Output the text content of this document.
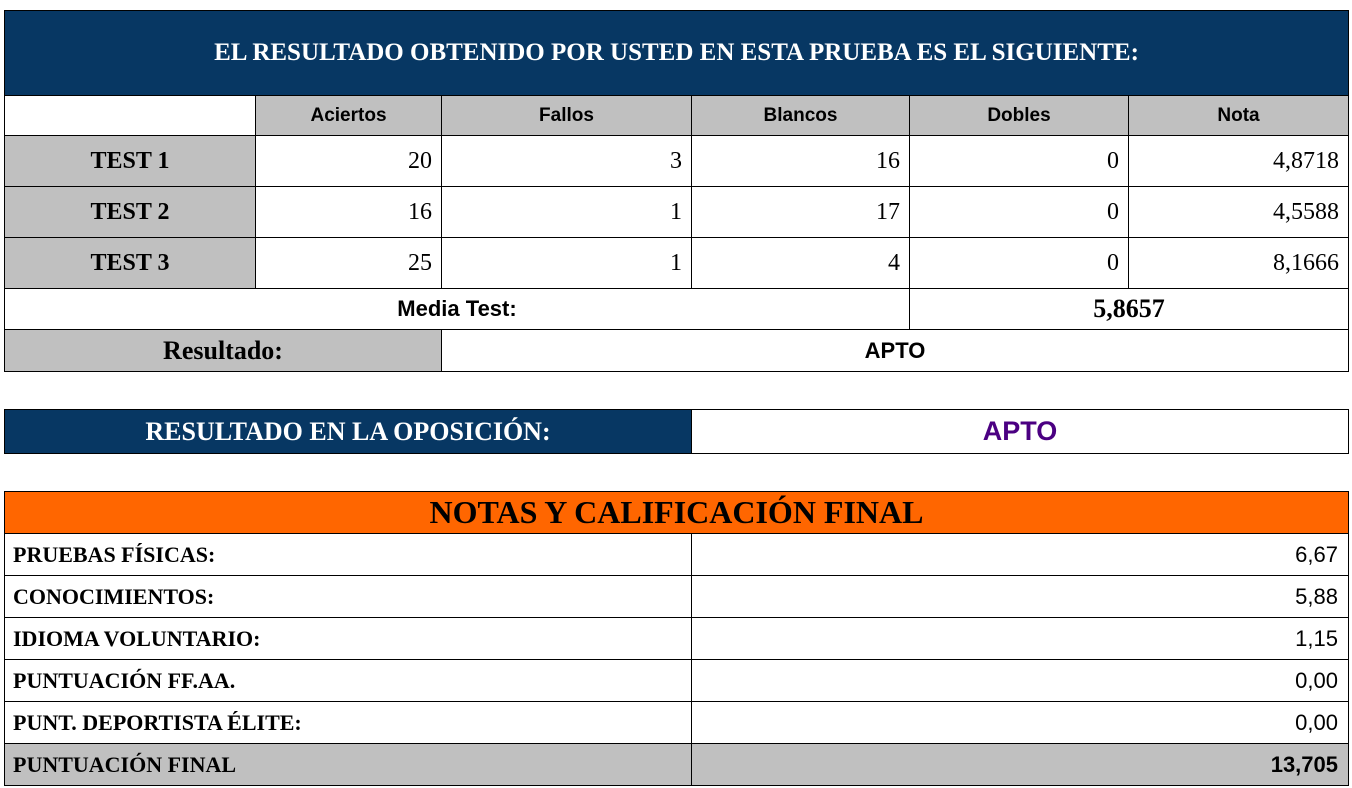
EL RESULTADO OBTENIDO POR USTED EN ESTA PRUEBA ES EL SIGUIENTE:					
	Aciertos	Fallos	Blancos	Dobles	Nota
TEST 1	20	3	16	0	4,8718
TEST 2	16	1	17	0	4,5588
TEST 3	25	1	4	0	8,1666
Media Test:				5,8657	
Resultado:		APTO			
RESULTADO EN LA OPOSICIÓN:	APTO
NOTAS Y CALIFICACIÓN FINAL	
PRUEBAS FÍSICAS:	6,67
CONOCIMIENTOS:	5,88
IDIOMA VOLUNTARIO:	1,15
PUNTUACIÓN FF.AA.	0,00
PUNT. DEPORTISTA ÉLITE:	0,00
PUNTUACIÓN FINAL	13,705
